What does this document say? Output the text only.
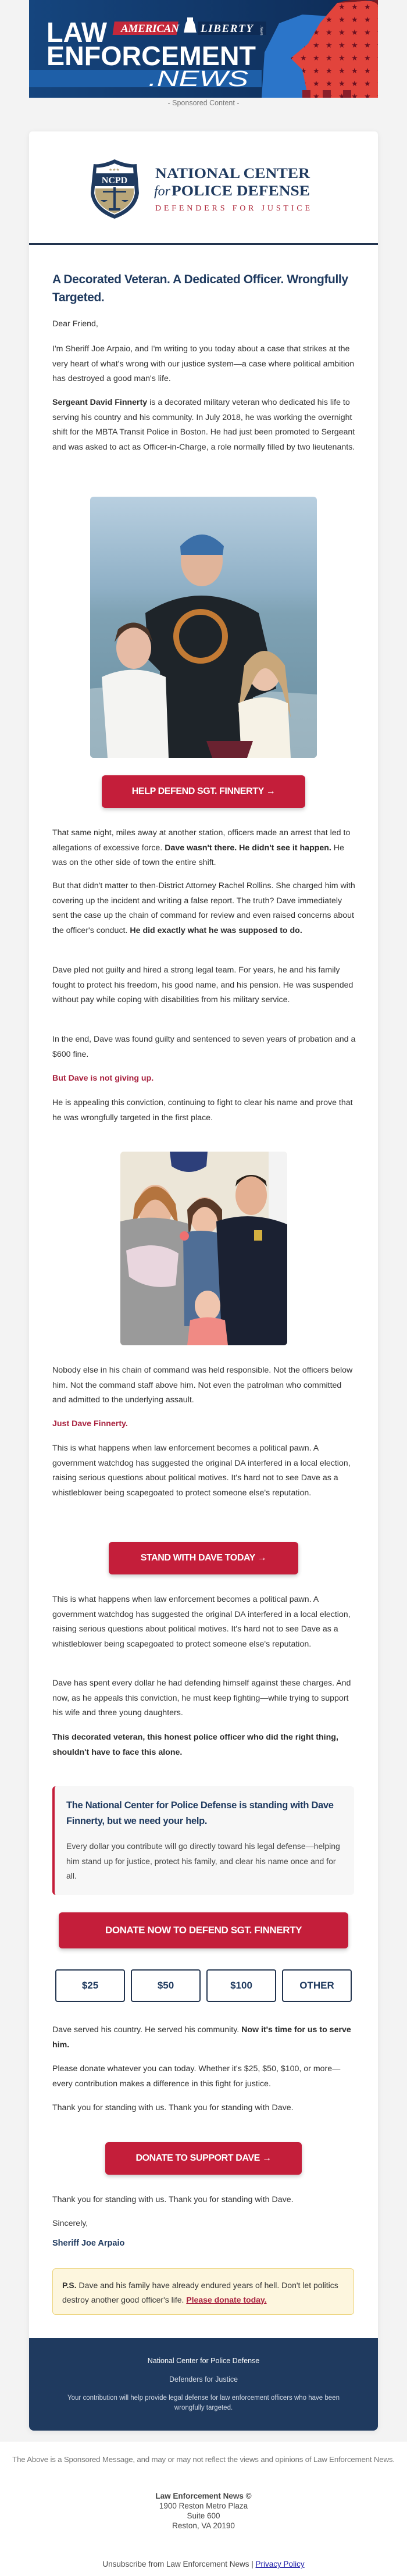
AMERICAN LIBERTY	.News
LAW
ENFORCEMENT
.NEWS
- Sponsored Content -
★★★
NCPD NATIONAL CENTER
for POLICE DEFENSE
DEFENDERS FOR JUSTICE
A Decorated Veteran. A Dedicated Officer. Wrongfully Targeted.

Dear Friend,

I'm Sheriff Joe Arpaio, and I'm writing to you today about a case that strikes at the very heart of what's wrong with our justice system—a case where political ambition has destroyed a good man's life.

Sergeant David Finnerty is a decorated military veteran who dedicated his life to serving his country and his community. In July 2018, he was working the overnight shift for the MBTA Transit Police in Boston. He had just been promoted to Sergeant and was asked to act as Officer-in-Charge, a role normally filled by two lieutenants.

HELP DEFEND SGT. FINNERTY →

That same night, miles away at another station, officers made an arrest that led to allegations of excessive force. Dave wasn't there. He didn't see it happen. He was on the other side of town the entire shift.

But that didn't matter to then-District Attorney Rachel Rollins. She charged him with covering up the incident and writing a false report. The truth? Dave immediately sent the case up the chain of command for review and even raised concerns about the officer's conduct. He did exactly what he was supposed to do.

Dave pled not guilty and hired a strong legal team. For years, he and his family fought to protect his freedom, his good name, and his pension. He was suspended without pay while coping with disabilities from his military service.

In the end, Dave was found guilty and sentenced to seven years of probation and a $600 fine.

But Dave is not giving up.

He is appealing this conviction, continuing to fight to clear his name and prove that he was wrongfully targeted in the first place.

Nobody else in his chain of command was held responsible. Not the officers below him. Not the command staff above him. Not even the patrolman who committed and admitted to the underlying assault.

Just Dave Finnerty.

This is what happens when law enforcement becomes a political pawn. A government watchdog has suggested the original DA interfered in a local election, raising serious questions about political motives. It's hard not to see Dave as a whistleblower being scapegoated to protect someone else's reputation.

STAND WITH DAVE TODAY →

This is what happens when law enforcement becomes a political pawn. A government watchdog has suggested the original DA interfered in a local election, raising serious questions about political motives. It's hard not to see Dave as a whistleblower being scapegoated to protect someone else's reputation.

Dave has spent every dollar he had defending himself against these charges. And now, as he appeals this conviction, he must keep fighting—while trying to support his wife and three young daughters.

This decorated veteran, this honest police officer who did the right thing, shouldn't have to face this alone.

The National Center for Police Defense is standing with Dave Finnerty, but we need your help.

Every dollar you contribute will go directly toward his legal defense—helping him stand up for justice, protect his family, and clear his name once and for all.

DONATE NOW TO DEFEND SGT. FINNERTY
$25	$50	$100	OTHER

Dave served his country. He served his community. Now it's time for us to serve him.

Please donate whatever you can today. Whether it's $25, $50, $100, or more—every contribution makes a difference in this fight for justice.

Thank you for standing with us. Thank you for standing with Dave.

DONATE TO SUPPORT DAVE →

Thank you for standing with us. Thank you for standing with Dave.

Sincerely,

Sheriff Joe Arpaio

P.S. Dave and his family have already endured years of hell. Don't let politics destroy another good officer's life. Please donate today.
National Center for Police Defense
Defenders for Justice
Your contribution will help provide legal defense for law enforcement officers who have been wrongfully targeted.
The Above is a Sponsored Message, and may or may not reflect the views and opinions of Law Enforcement News.
Law Enforcement News ©
1900 Reston Metro Plaza
Suite 600
Reston, VA 20190
Unsubscribe from Law Enforcement News | Privacy Policy
